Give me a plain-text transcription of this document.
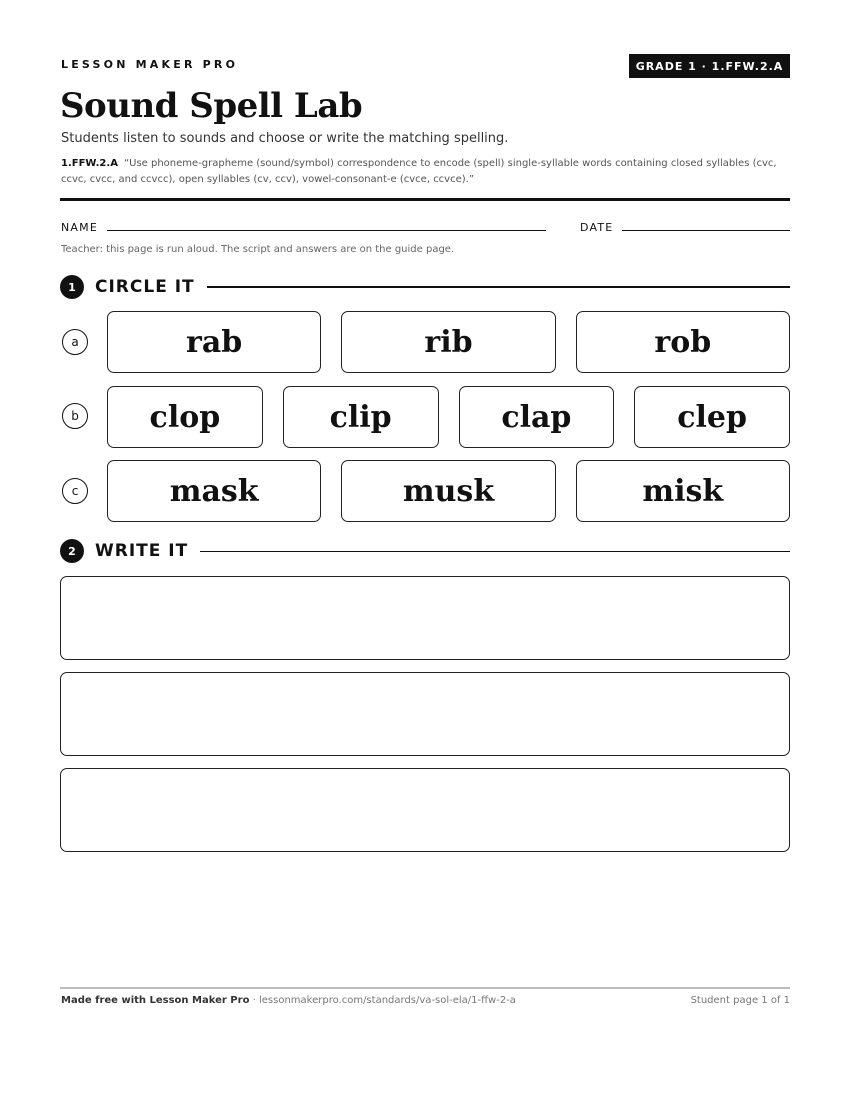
LESSON MAKER PRO	GRADE 1 · 1.FFW.2.A
Sound Spell Lab
Students listen to sounds and choose or write the matching spelling.
1.FFW.2.A “Use phoneme-grapheme (sound/symbol) correspondence to encode (spell) single-syllable words containing closed syllables (cvc, ccvc, cvcc, and ccvcc), open syllables (cv, ccv), vowel-consonant-e (cvce, ccvce).”
NAME	DATE
Teacher: this page is run aloud. The script and answers are on the guide page.
1	CIRCLE IT
a	rab	rib	rob
b	clop	clip	clap	clep
c	mask	musk	misk
2	WRITE IT
Made free with Lesson Maker Pro · lessonmakerpro.com/standards/va-sol-ela/1-ffw-2-a	Student page 1 of 1
